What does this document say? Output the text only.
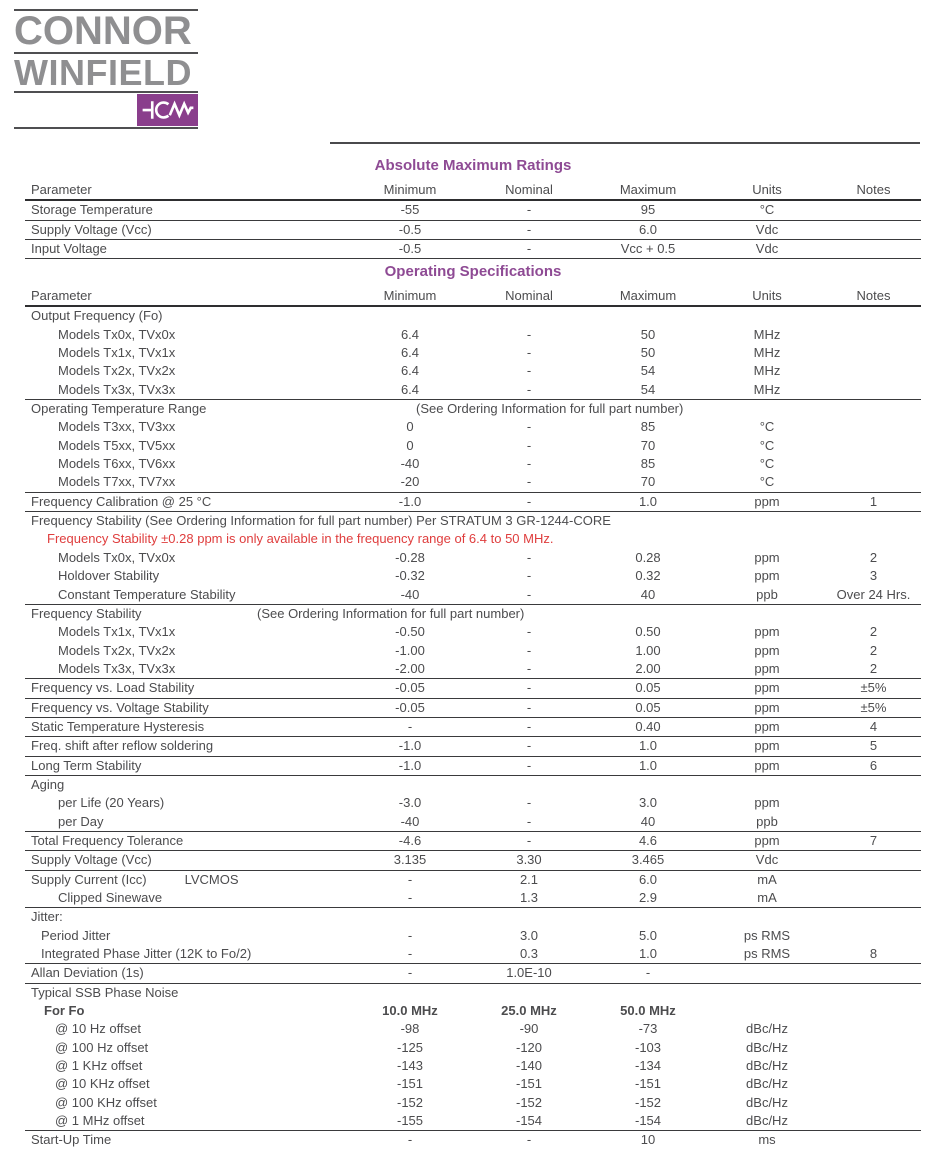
CONNOR
WINFIELD
Absolute Maximum Ratings
Operating Specifications
Parameter	Minimum	Nominal	Maximum	Units	Notes
Storage Temperature	-55	-	95	°C	
Supply Voltage (Vcc)	-0.5	-	6.0	Vdc	
Input Voltage	-0.5	-	Vcc + 0.5	Vdc	
Parameter	Minimum	Nominal	Maximum	Units	Notes
Output Frequency (Fo)					
Models Tx0x, TVx0x	6.4	-	50	MHz	
Models Tx1x, TVx1x	6.4	-	50	MHz	
Models Tx2x, TVx2x	6.4	-	54	MHz	
Models Tx3x, TVx3x	6.4	-	54	MHz	
Operating Temperature Range (See Ordering Information for full part number)					

Models T3xx, TV3xx	0	-	85	°C	
Models T5xx, TV5xx	0	-	70	°C	
Models T6xx, TV6xx	-40	-	85	°C	
Models T7xx, TV7xx	-20	-	70	°C	
Frequency Calibration @ 25 °C	-1.0	-	1.0	ppm	1
Frequency Stability (See Ordering Information for full part number) Per STRATUM 3 GR-1244-CORE					
Frequency Stability ±0.28 ppm is only available in the frequency range of 6.4 to 50 MHz.					
Models Tx0x, TVx0x	-0.28	-	0.28	ppm	2
Holdover Stability	-0.32	-	0.32	ppm	3
Constant Temperature Stability	-40	-	40	ppb	Over 24 Hrs.
Frequency Stability (See Ordering Information for full part number)					

Models Tx1x, TVx1x	-0.50	-	0.50	ppm	2
Models Tx2x, TVx2x	-1.00	-	1.00	ppm	2
Models Tx3x, TVx3x	-2.00	-	2.00	ppm	2
Frequency vs. Load Stability	-0.05	-	0.05	ppm	±5%
Frequency vs. Voltage Stability	-0.05	-	0.05	ppm	±5%
Static Temperature Hysteresis	-	-	0.40	ppm	4
Freq. shift after reflow soldering	-1.0	-	1.0	ppm	5
Long Term Stability	-1.0	-	1.0	ppm	6
Aging					
per Life (20 Years)	-3.0	-	3.0	ppm	
per Day	-40	-	40	ppb	
Total Frequency Tolerance	-4.6	-	4.6	ppm	7
Supply Voltage (Vcc)	3.135	3.30	3.465	Vdc	
Supply Current (Icc) LVCMOS	-	2.1	6.0	mA	
Clipped Sinewave	-	1.3	2.9	mA	
Jitter:					
Period Jitter	-	3.0	5.0	ps RMS	
Integrated Phase Jitter (12K to Fo/2)	-	0.3	1.0	ps RMS	8
Allan Deviation (1s)	-	1.0E-10	-		
Typical SSB Phase Noise					
For Fo	10.0 MHz	25.0 MHz	50.0 MHz		
@ 10 Hz offset	-98	-90	-73	dBc/Hz	
@ 100 Hz offset	-125	-120	-103	dBc/Hz	
@ 1 KHz offset	-143	-140	-134	dBc/Hz	
@ 10 KHz offset	-151	-151	-151	dBc/Hz	
@ 100 KHz offset	-152	-152	-152	dBc/Hz	
@ 1 MHz offset	-155	-154	-154	dBc/Hz	
Start-Up Time	-	-	10	ms	
